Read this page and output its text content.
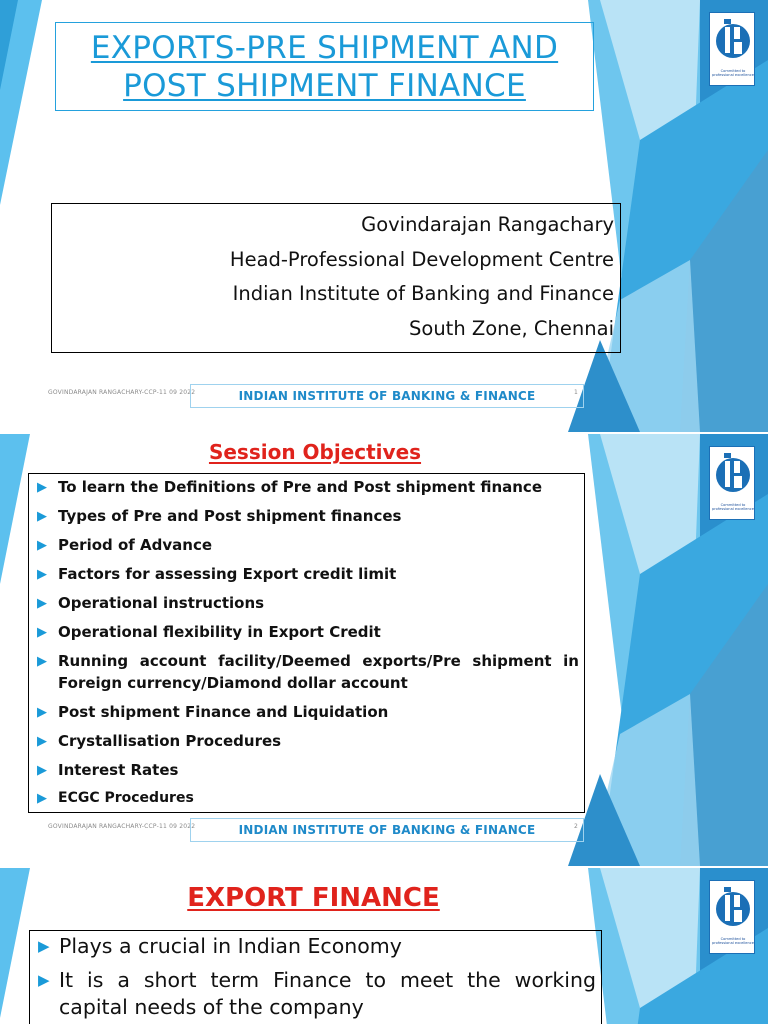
Committed to professional excellence
EXPORTS-PRE SHIPMENT AND
POST SHIPMENT FINANCE
Govindarajan Rangachary
Head-Professional Development Centre
Indian Institute of Banking and Finance
South Zone, Chennai
GOVINDARAJAN RANGACHARY-CCP-11 09 2022	INDIAN INSTITUTE OF BANKING & FINANCE	1
Committed to professional excellence
Session Objectives
▶ To learn the Definitions of Pre and Post shipment finance
▶ Types of Pre and Post shipment finances
▶ Period of Advance
▶ Factors for assessing Export credit limit
▶ Operational instructions
▶ Operational flexibility in Export Credit
▶ Running account facility/Deemed exports/Pre shipment in Foreign currency/Diamond dollar account
▶ Post shipment Finance and Liquidation
▶ Crystallisation Procedures
▶ Interest Rates
▶ ECGC Procedures
GOVINDARAJAN RANGACHARY-CCP-11 09 2022	INDIAN INSTITUTE OF BANKING & FINANCE	2
Committed to professional excellence
EXPORT FINANCE
▶ Plays a crucial in Indian Economy
▶ It is a short term Finance to meet the working capital needs of the company
